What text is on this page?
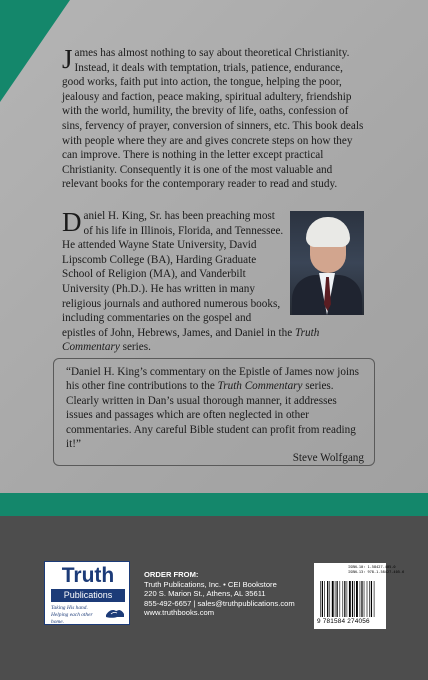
James has almost nothing to say about theoretical Christianity. Instead, it deals with temptation, trials, patience, endurance, good works, faith put into action, the tongue, helping the poor, jealousy and faction, peace making, spiritual adultery, friendship with the world, humility, the brevity of life, oaths, confession of sins, fervency of prayer, conversion of sinners, etc. This book deals with people where they are and gives concrete steps on how they can improve. There is nothing in the letter except practical Christianity. Consequently it is one of the most valuable and relevant books for the contemporary reader to read and study.

Daniel H. King, Sr. has been preaching most of his life in Illinois, Florida, and Tennessee. He attended Wayne State University, David Lipscomb College (BA), Harding Graduate School of Religion (MA), and Vanderbilt University (Ph.D.). He has written in many religious journals and authored numerous books, including commentaries on the gospel and epistles of John, Hebrews, James, and Daniel in the Truth Commentary series.

“Daniel H. King’s commentary on the Epistle of James now joins his other fine contributions to the Truth Commentary series. Clearly written in Dan’s usual thorough manner, it addresses issues and passages which are often neglected in other commentaries. Any careful Bible student can profit from reading it!”

Steve Wolfgang
Truth
Publications
Taking His hand.
Helping each other home.
ORDER FROM:
Truth Publications, Inc. • CEI Bookstore
220 S. Marion St., Athens, AL 35611
855-492-6657 | sales@truthpublications.com
www.truthbooks.com
ISBN-10: 1-58427-405-0
ISBN-13: 978-1-58427-405-6
9 781584 274056
